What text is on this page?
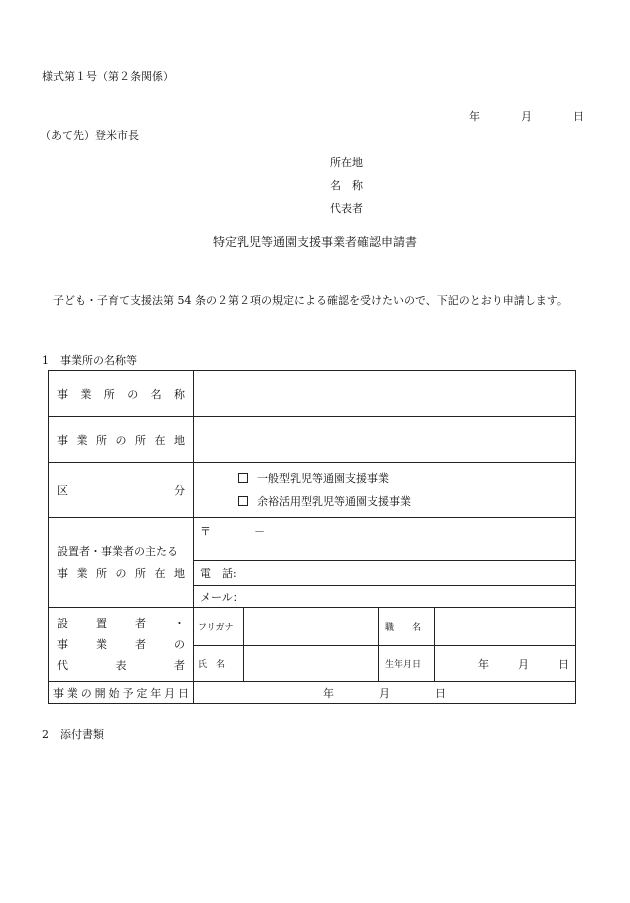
様式第１号（第２条関係）
年	月	日
（あて先）登米市長
所在地
名　称
代表者
特定乳児等通園支援事業者確認申請書
子ども・子育て支援法第 54 条の２第２項の規定による確認を受けたいので、下記のとおり申請します。
1　事業所の名称等
事業所の名称				

事業所の所在地				

区分	一般型乳児等通園支援事業
余裕活用型乳児等通園支援事業			

設置者・事業者の主たる
事業所の所在地	〒 －			
	電　話:			
	メール：			

設置者・
事業者の
代表者	フリガナ		職　　名	
	氏　名		生年月日	年 月 日

事業の開始予定年月日	年 月 日			
2　添付書類
